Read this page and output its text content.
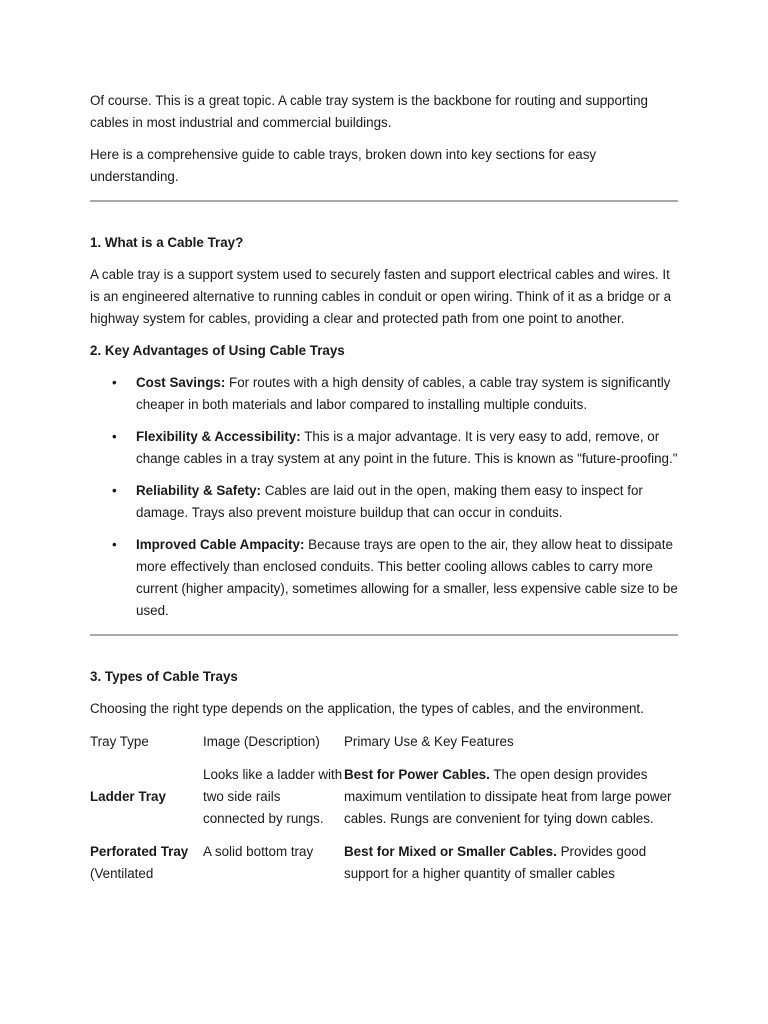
Of course. This is a great topic. A cable tray system is the backbone for routing and supporting cables in most industrial and commercial buildings.

Here is a comprehensive guide to cable trays, broken down into key sections for easy understanding.

1. What is a Cable Tray?

A cable tray is a support system used to securely fasten and support electrical cables and wires. It is an engineered alternative to running cables in conduit or open wiring. Think of it as a bridge or a highway system for cables, providing a clear and protected path from one point to another.

2. Key Advantages of Using Cable Trays
• Cost Savings: For routes with a high density of cables, a cable tray system is significantly cheaper in both materials and labor compared to installing multiple conduits.
• Flexibility & Accessibility: This is a major advantage. It is very easy to add, remove, or change cables in a tray system at any point in the future. This is known as "future-proofing."
• Reliability & Safety: Cables are laid out in the open, making them easy to inspect for damage. Trays also prevent moisture buildup that can occur in conduits.
• Improved Cable Ampacity: Because trays are open to the air, they allow heat to dissipate more effectively than enclosed conduits. This better cooling allows cables to carry more current (higher ampacity), sometimes allowing for a smaller, less expensive cable size to be used.
3. Types of Cable Trays

Choosing the right type depends on the application, the types of cables, and the environment.

Tray Type	Image (Description)	Primary Use & Key Features
Ladder Tray	Looks like a ladder with two side rails connected by rungs.	Best for Power Cables. The open design provides maximum ventilation to dissipate heat from large power cables. Rungs are convenient for tying down cables.
Perforated Tray
(Ventilated	A solid bottom tray	Best for Mixed or Smaller Cables. Provides good support for a higher quantity of smaller cables
